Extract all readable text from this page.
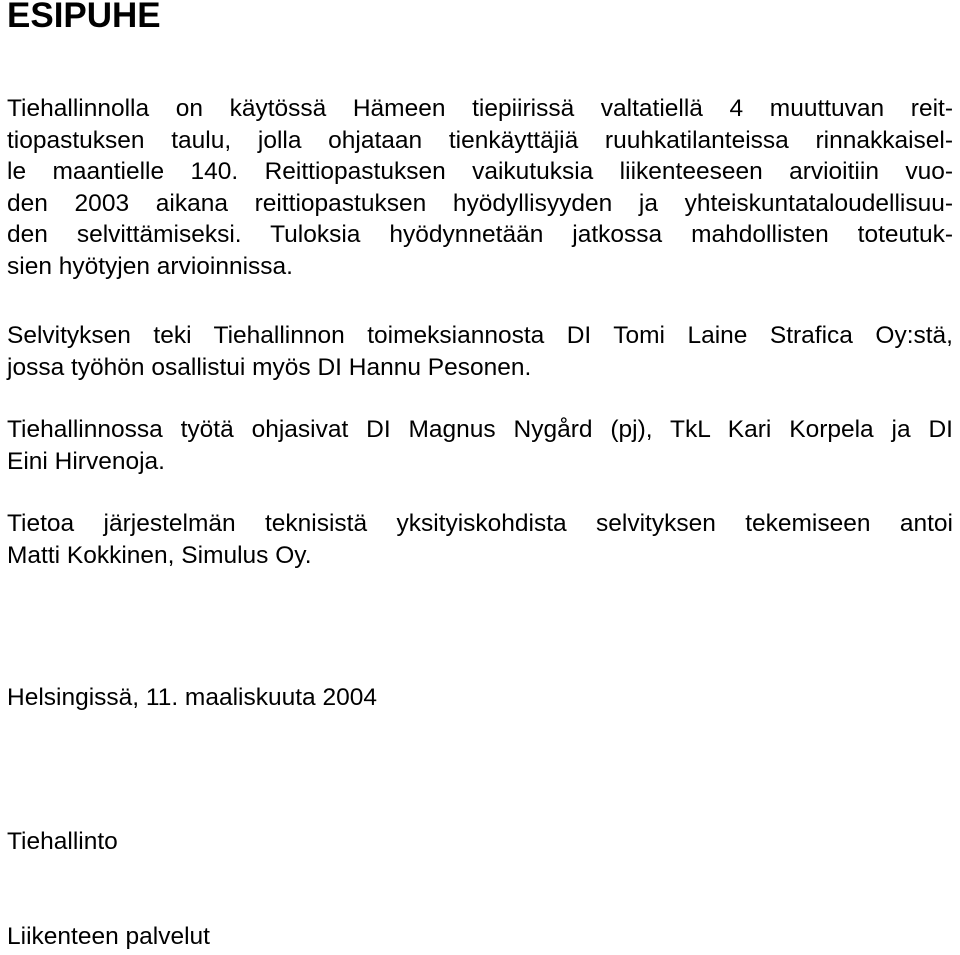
ESIPUHE

Tiehallinnolla on käytössä Hämeen tiepiirissä valtatiellä 4 muuttuvan reit-
tiopastuksen taulu, jolla ohjataan tienkäyttäjiä ruuhkatilanteissa rinnakkaisel-
le maantielle 140. Reittiopastuksen vaikutuksia liikenteeseen arvioitiin vuo-
den 2003 aikana reittiopastuksen hyödyllisyyden ja yhteiskuntataloudellisuu-
den selvittämiseksi. Tuloksia hyödynnetään jatkossa mahdollisten toteutuk-
sien hyötyjen arvioinnissa.

Selvityksen teki Tiehallinnon toimeksiannosta DI Tomi Laine Strafica Oy:stä,
jossa työhön osallistui myös DI Hannu Pesonen.

Tiehallinnossa työtä ohjasivat DI Magnus Nygård (pj), TkL Kari Korpela ja DI
Eini Hirvenoja.

Tietoa järjestelmän teknisistä yksityiskohdista selvityksen tekemiseen antoi
Matti Kokkinen, Simulus Oy.

Helsingissä, 11. maaliskuuta 2004

Tiehallinto

Liikenteen palvelut
